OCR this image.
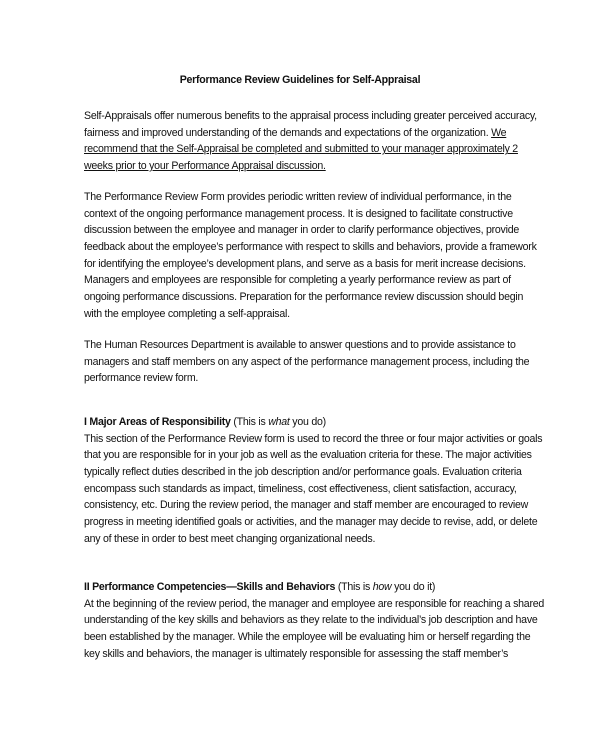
Performance Review Guidelines for Self-Appraisal
Self-Appraisals offer numerous benefits to the appraisal process including greater perceived accuracy,
fairness and improved understanding of the demands and expectations of the organization. We
recommend that the Self-Appraisal be completed and submitted to your manager approximately 2
weeks prior to your Performance Appraisal discussion.
The Performance Review Form provides periodic written review of individual performance, in the
context of the ongoing performance management process. It is designed to facilitate constructive
discussion between the employee and manager in order to clarify performance objectives, provide
feedback about the employee’s performance with respect to skills and behaviors, provide a framework
for identifying the employee’s development plans, and serve as a basis for merit increase decisions.
Managers and employees are responsible for completing a yearly performance review as part of
ongoing performance discussions. Preparation for the performance review discussion should begin
with the employee completing a self-appraisal.
The Human Resources Department is available to answer questions and to provide assistance to
managers and staff members on any aspect of the performance management process, including the
performance review form.
I Major Areas of Responsibility (This is what you do)
This section of the Performance Review form is used to record the three or four major activities or goals
that you are responsible for in your job as well as the evaluation criteria for these. The major activities
typically reflect duties described in the job description and/or performance goals. Evaluation criteria
encompass such standards as impact, timeliness, cost effectiveness, client satisfaction, accuracy,
consistency, etc. During the review period, the manager and staff member are encouraged to review
progress in meeting identified goals or activities, and the manager may decide to revise, add, or delete
any of these in order to best meet changing organizational needs.
II Performance Competencies—Skills and Behaviors (This is how you do it)
At the beginning of the review period, the manager and employee are responsible for reaching a shared
understanding of the key skills and behaviors as they relate to the individual’s job description and have
been established by the manager. While the employee will be evaluating him or herself regarding the
key skills and behaviors, the manager is ultimately responsible for assessing the staff member’s
